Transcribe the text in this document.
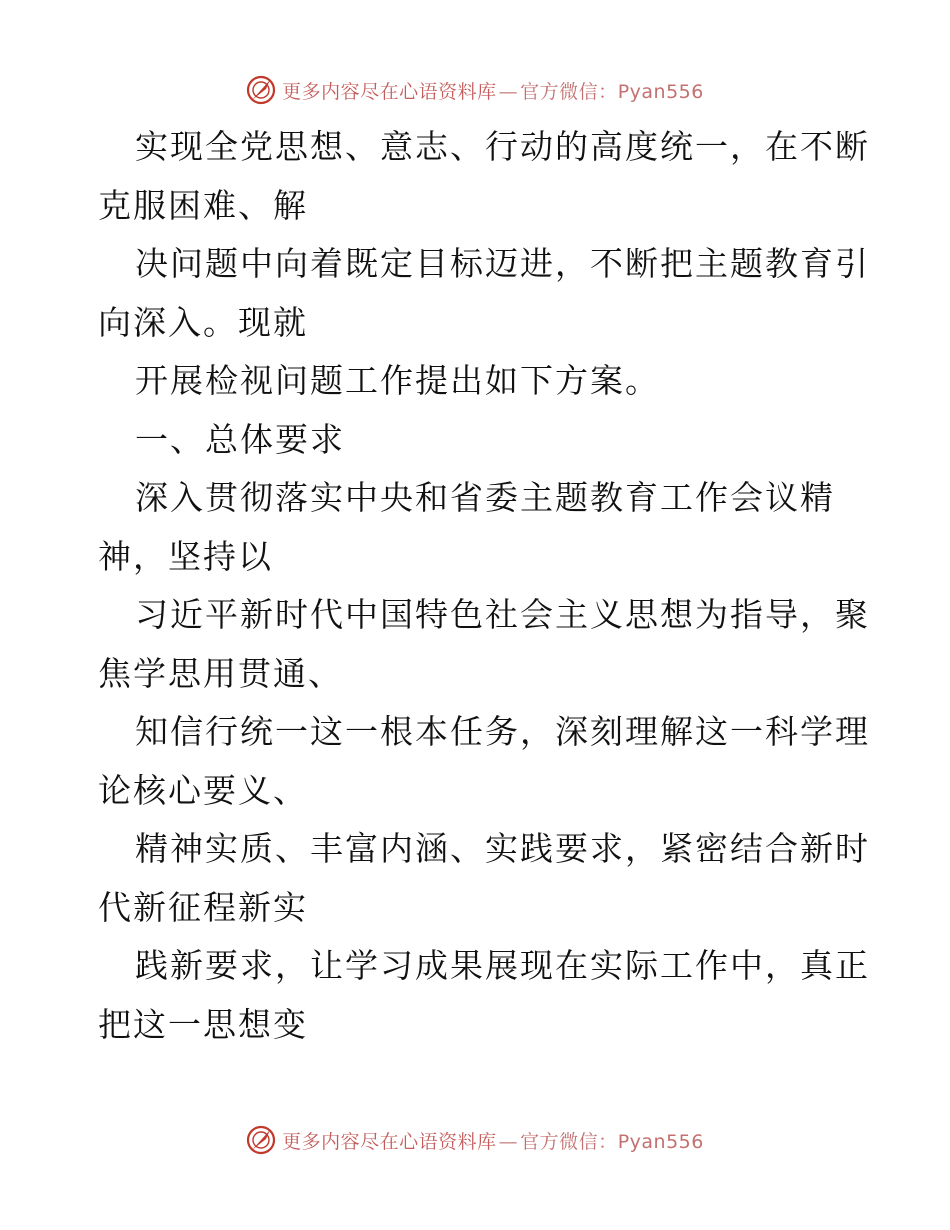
更多内容尽在心语资料库 — 官方微信：Pyan556
实现全党思想、意志、行动的高度统一，在不断
克服困难、解
决问题中向着既定目标迈进，不断把主题教育引
向深入。现就
开展检视问题工作提出如下方案。
一、总体要求
深入贯彻落实中央和省委主题教育工作会议精
神，坚持以
习近平新时代中国特色社会主义思想为指导，聚
焦学思用贯通、
知信行统一这一根本任务，深刻理解这一科学理
论核心要义、
精神实质、丰富内涵、实践要求，紧密结合新时
代新征程新实
践新要求，让学习成果展现在实际工作中，真正
把这一思想变
更多内容尽在心语资料库 — 官方微信：Pyan556
